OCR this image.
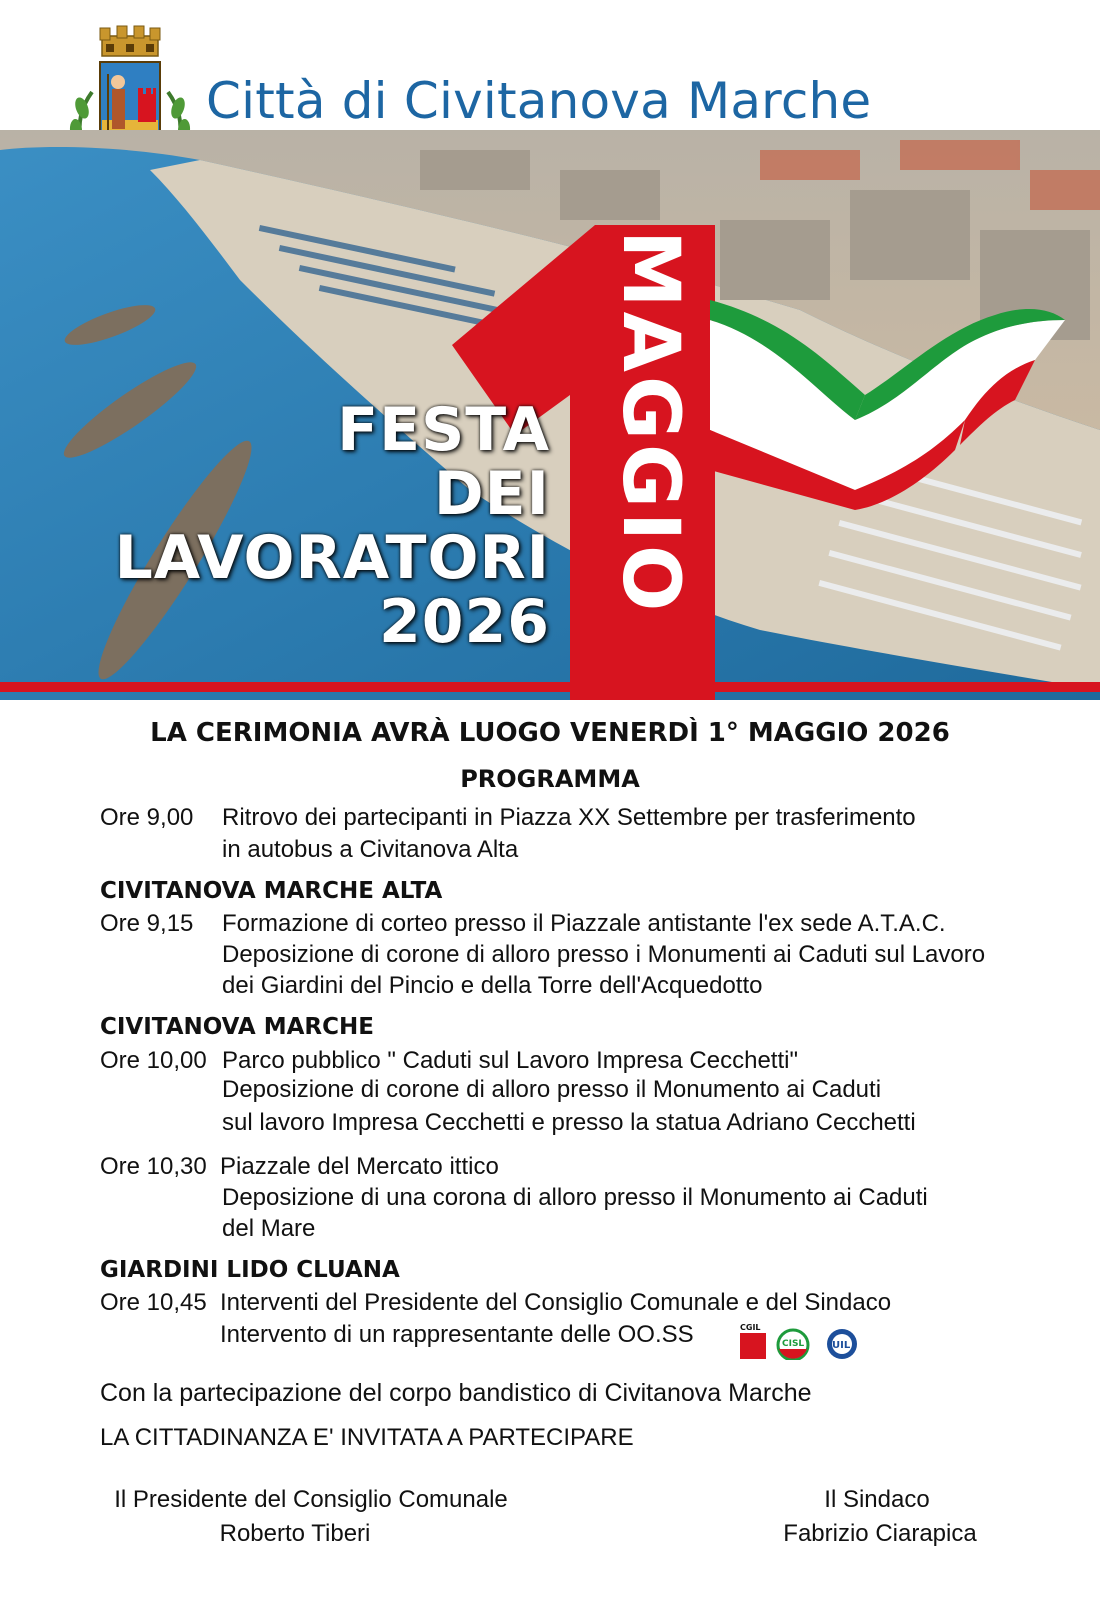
Città di Civitanova Marche
MAGGIO
FESTA
DEI
LAVORATORI
2026
LA CERIMONIA AVRÀ LUOGO VENERDÌ 1° MAGGIO 2026
PROGRAMMA
Ore 9,00 Ritrovo dei partecipanti in Piazza XX Settembre per trasferimento
in autobus a Civitanova Alta
CIVITANOVA MARCHE ALTA
Ore 9,15 Formazione di corteo presso il Piazzale antistante l'ex sede A.T.A.C.
Deposizione di corone di alloro presso i Monumenti ai Caduti sul Lavoro
dei Giardini del Pincio e della Torre dell'Acquedotto
CIVITANOVA MARCHE
Ore 10,00 Parco pubblico " Caduti sul Lavoro Impresa Cecchetti"
Deposizione di corone di alloro presso il Monumento ai Caduti
sul lavoro Impresa Cecchetti e presso la statua Adriano Cecchetti
Ore 10,30 Piazzale del Mercato ittico
Deposizione di una corona di alloro presso il Monumento ai Caduti
del Mare
GIARDINI LIDO CLUANA
Ore 10,45 Interventi del Presidente del Consiglio Comunale e del Sindaco
Intervento di un rappresentante delle OO.SS	CGIL
CISL	UIL
Con la partecipazione del corpo bandistico di Civitanova Marche
LA CITTADINANZA E' INVITATA A PARTECIPARE
Il Presidente del Consiglio Comunale
Roberto Tiberi
Il Sindaco
Fabrizio Ciarapica
